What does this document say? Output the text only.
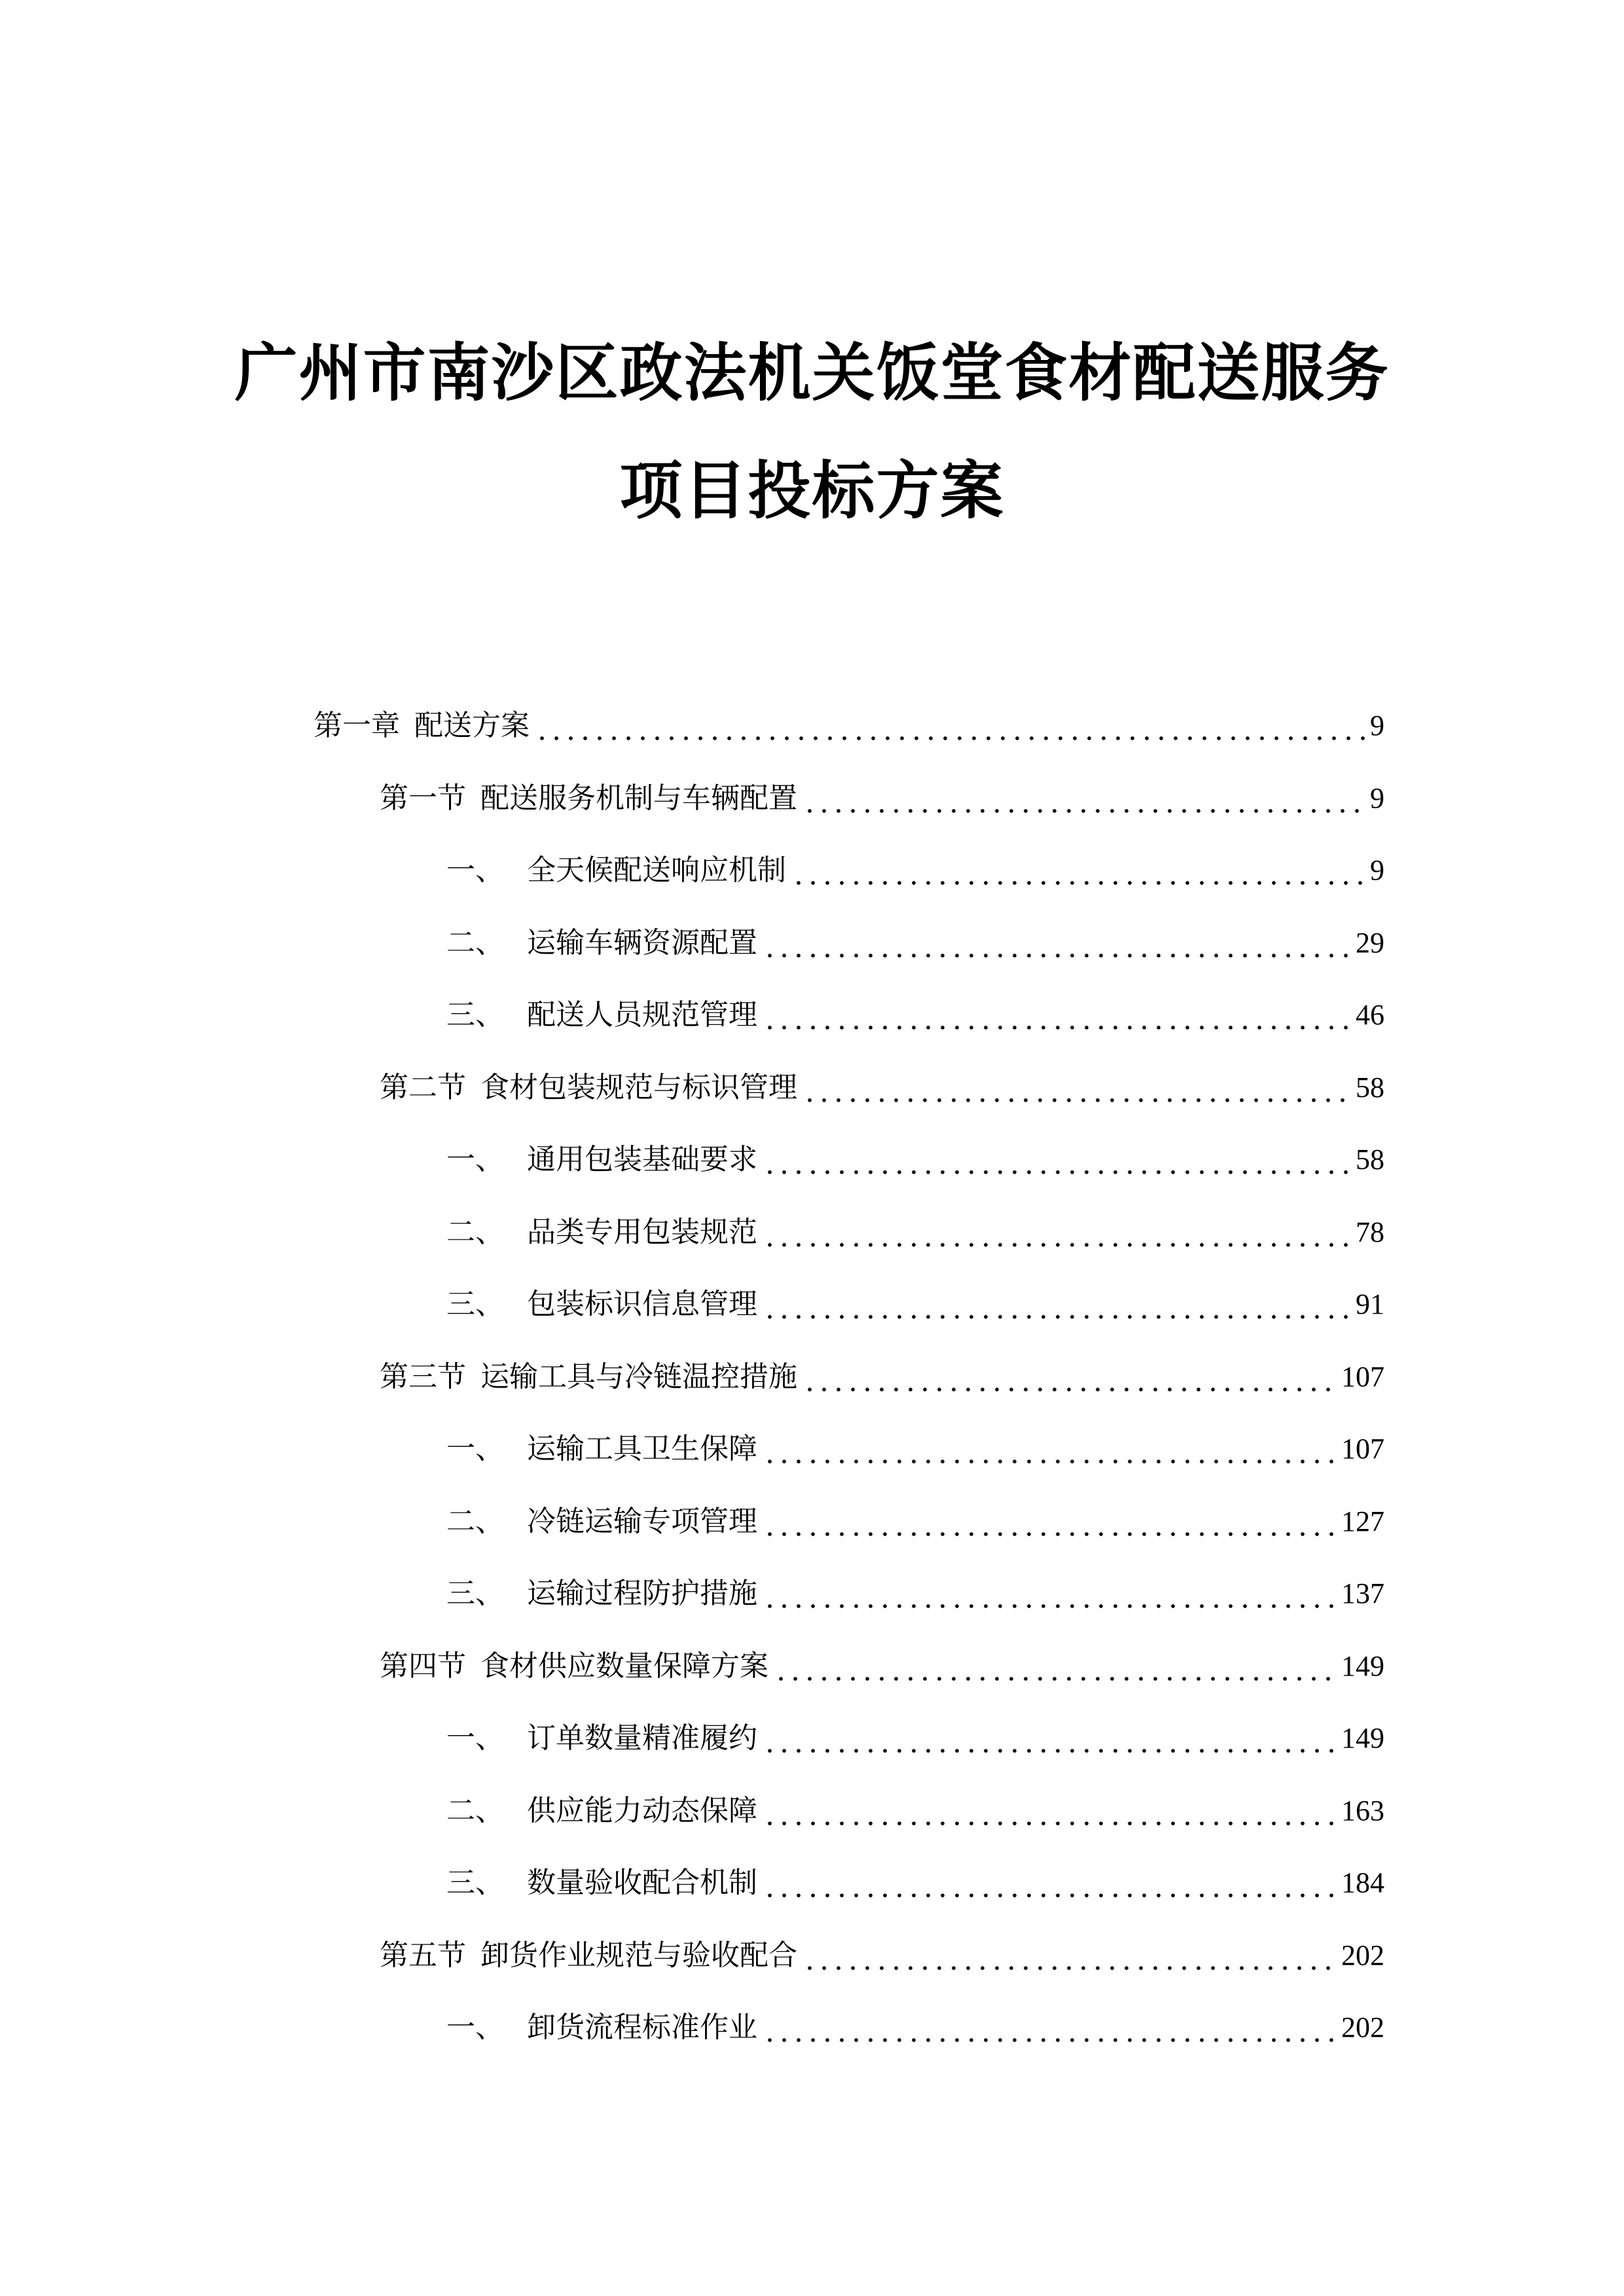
广州市南沙区政法机关饭堂食材配送服务
项目投标方案
第一章 配送方案	9
第一节 配送服务机制与车辆配置	9
一、 全天候配送响应机制	9
二、 运输车辆资源配置	29
三、 配送人员规范管理	46
第二节 食材包装规范与标识管理	58
一、 通用包装基础要求	58
二、 品类专用包装规范	78
三、 包装标识信息管理	91
第三节 运输工具与冷链温控措施	107
一、 运输工具卫生保障	107
二、 冷链运输专项管理	127
三、 运输过程防护措施	137
第四节 食材供应数量保障方案	149
一、 订单数量精准履约	149
二、 供应能力动态保障	163
三、 数量验收配合机制	184
第五节 卸货作业规范与验收配合	202
一、 卸货流程标准作业	202
